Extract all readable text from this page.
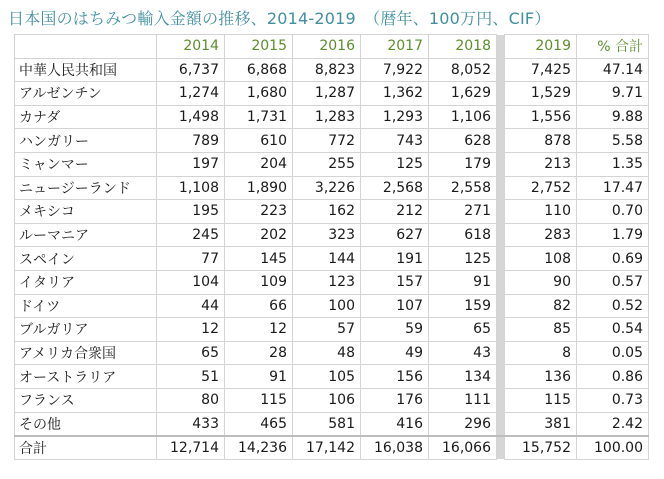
日本国のはちみつ輸入金額の推移、2014-2019　（暦年、100万円、CIF）
	2014	2015	2016	2017	2018		2019	% 合計
中華人民共和国	6,737	6,868	8,823	7,922	8,052		7,425	47.14
アルゼンチン	1,274	1,680	1,287	1,362	1,629		1,529	9.71
カナダ	1,498	1,731	1,283	1,293	1,106		1,556	9.88
ハンガリー	789	610	772	743	628		878	5.58
ミャンマー	197	204	255	125	179		213	1.35
ニュージーランド	1,108	1,890	3,226	2,568	2,558		2,752	17.47
メキシコ	195	223	162	212	271		110	0.70
ルーマニア	245	202	323	627	618		283	1.79
スペイン	77	145	144	191	125		108	0.69
イタリア	104	109	123	157	91		90	0.57
ドイツ	44	66	100	107	159		82	0.52
ブルガリア	12	12	57	59	65		85	0.54
アメリカ合衆国	65	28	48	49	43		8	0.05
オーストラリア	51	91	105	156	134		136	0.86
フランス	80	115	106	176	111		115	0.73
その他	433	465	581	416	296		381	2.42
合計	12,714	14,236	17,142	16,038	16,066		15,752	100.00
